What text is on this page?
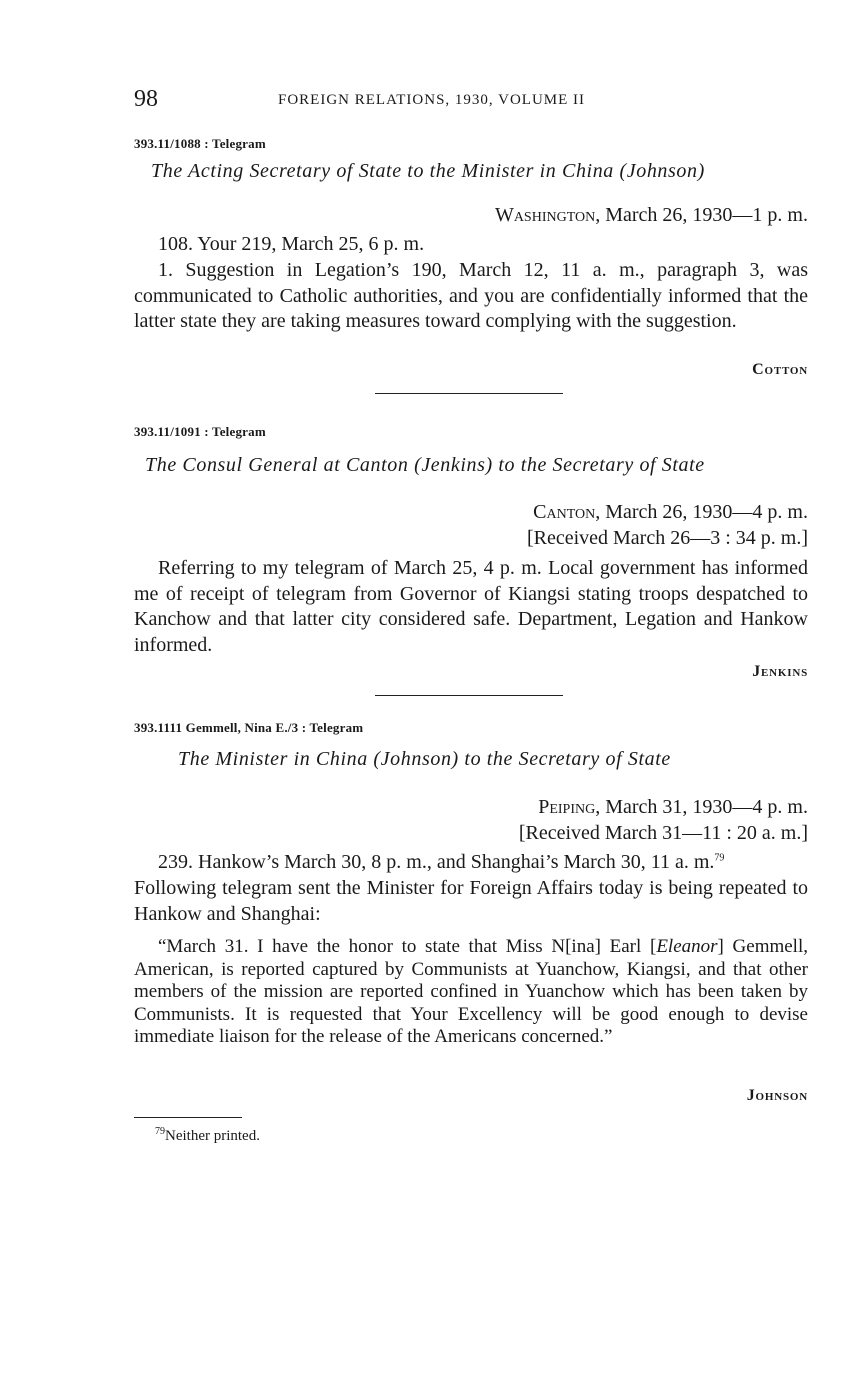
98	FOREIGN RELATIONS, 1930, VOLUME II
393.11/1088 : Telegram
The Acting Secretary of State to the Minister in China (Johnson)
Washington, March 26, 1930—1 p. m.
108. Your 219, March 25, 6 p. m.
1. Suggestion in Legation’s 190, March 12, 11 a. m., paragraph 3, was communicated to Catholic authorities, and you are confidentially informed that the latter state they are taking measures toward complying with the suggestion.
Cotton
393.11/1091 : Telegram
The Consul General at Canton (Jenkins) to the Secretary of State
Canton, March 26, 1930—4 p. m.
[Received March 26—3 : 34 p. m.]
Referring to my telegram of March 25, 4 p. m. Local government has informed me of receipt of telegram from Governor of Kiangsi stating troops despatched to Kanchow and that latter city considered safe. Department, Legation and Hankow informed.
Jenkins
393.1111 Gemmell, Nina E./3 : Telegram
The Minister in China (Johnson) to the Secretary of State
Peiping, March 31, 1930—4 p. m.
[Received March 31—11 : 20 a. m.]
239. Hankow’s March 30, 8 p. m., and Shanghai’s March 30, 11 a. m.$^{79}$
Following telegram sent the Minister for Foreign Affairs today is being repeated to Hankow and Shanghai:
“March 31. I have the honor to state that Miss N[ina] Earl [Eleanor] Gemmell, American, is reported captured by Communists at Yuanchow, Kiangsi, and that other members of the mission are reported confined in Yuanchow which has been taken by Communists. It is requested that Your Excellency will be good enough to devise immediate liaison for the release of the Americans concerned.”
Johnson
$^{79}$Neither printed.
